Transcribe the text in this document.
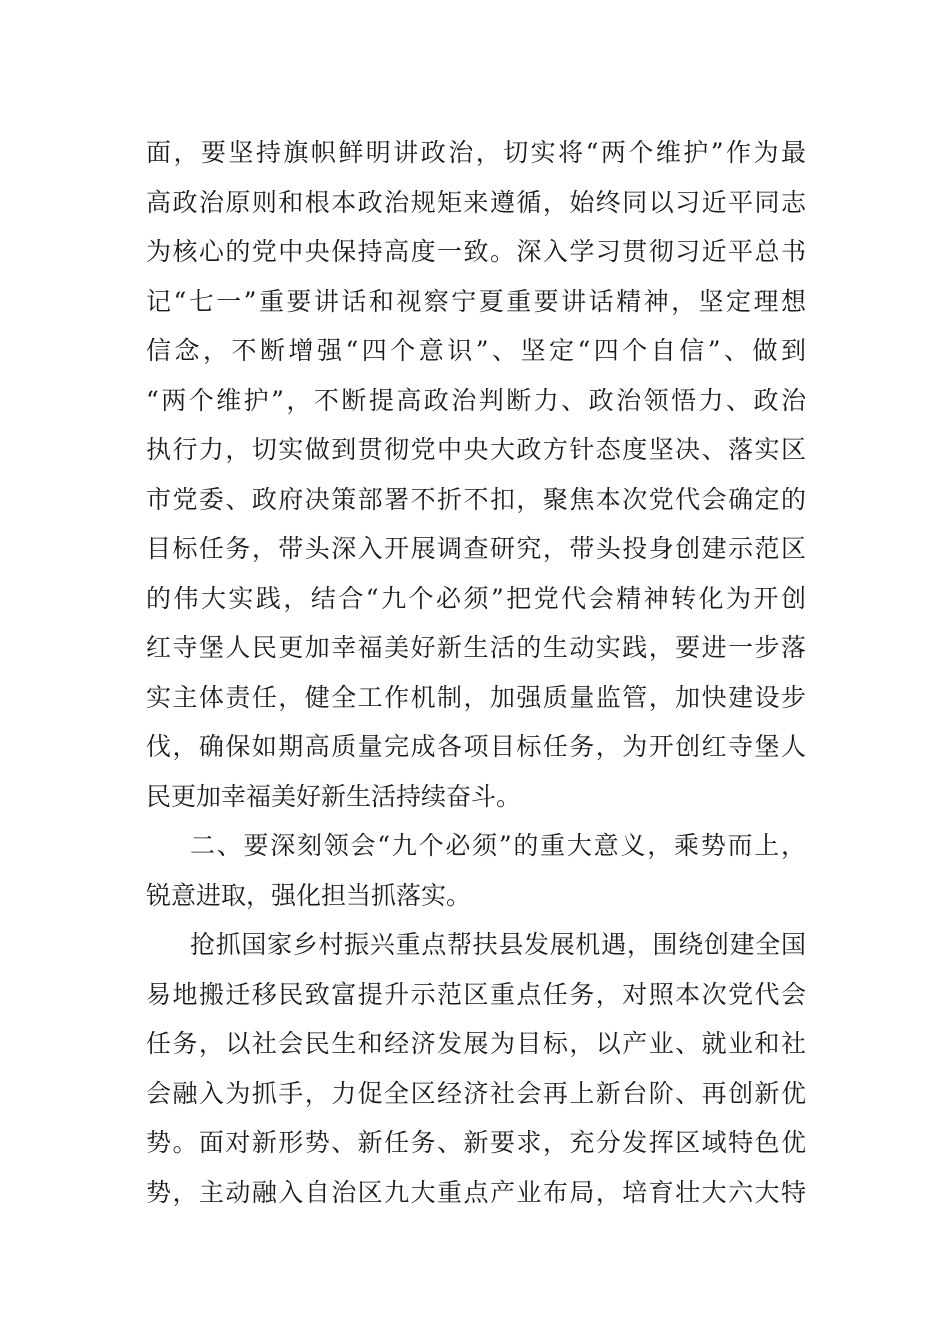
面，要坚持旗帜鲜明讲政治，切实将“两个维护”作为最
高政治原则和根本政治规矩来遵循，始终同以习近平同志
为核心的党中央保持高度一致。深入学习贯彻习近平总书
记“七一”重要讲话和视察宁夏重要讲话精神，坚定理想
信念，不断增强“四个意识”、坚定“四个自信”、做到
“两个维护”，不断提高政治判断力、政治领悟力、政治
执行力，切实做到贯彻党中央大政方针态度坚决、落实区
市党委、政府决策部署不折不扣，聚焦本次党代会确定的
目标任务，带头深入开展调查研究，带头投身创建示范区
的伟大实践，结合“九个必须”把党代会精神转化为开创
红寺堡人民更加幸福美好新生活的生动实践，要进一步落
实主体责任，健全工作机制，加强质量监管，加快建设步
伐，确保如期高质量完成各项目标任务，为开创红寺堡人
民更加幸福美好新生活持续奋斗。
二、要深刻领会“九个必须”的重大意义，乘势而上，
锐意进取，强化担当抓落实。
抢抓国家乡村振兴重点帮扶县发展机遇，围绕创建全国
易地搬迁移民致富提升示范区重点任务，对照本次党代会
任务，以社会民生和经济发展为目标，以产业、就业和社
会融入为抓手，力促全区经济社会再上新台阶、再创新优
势。面对新形势、新任务、新要求，充分发挥区域特色优
势，主动融入自治区九大重点产业布局，培育壮大六大特
